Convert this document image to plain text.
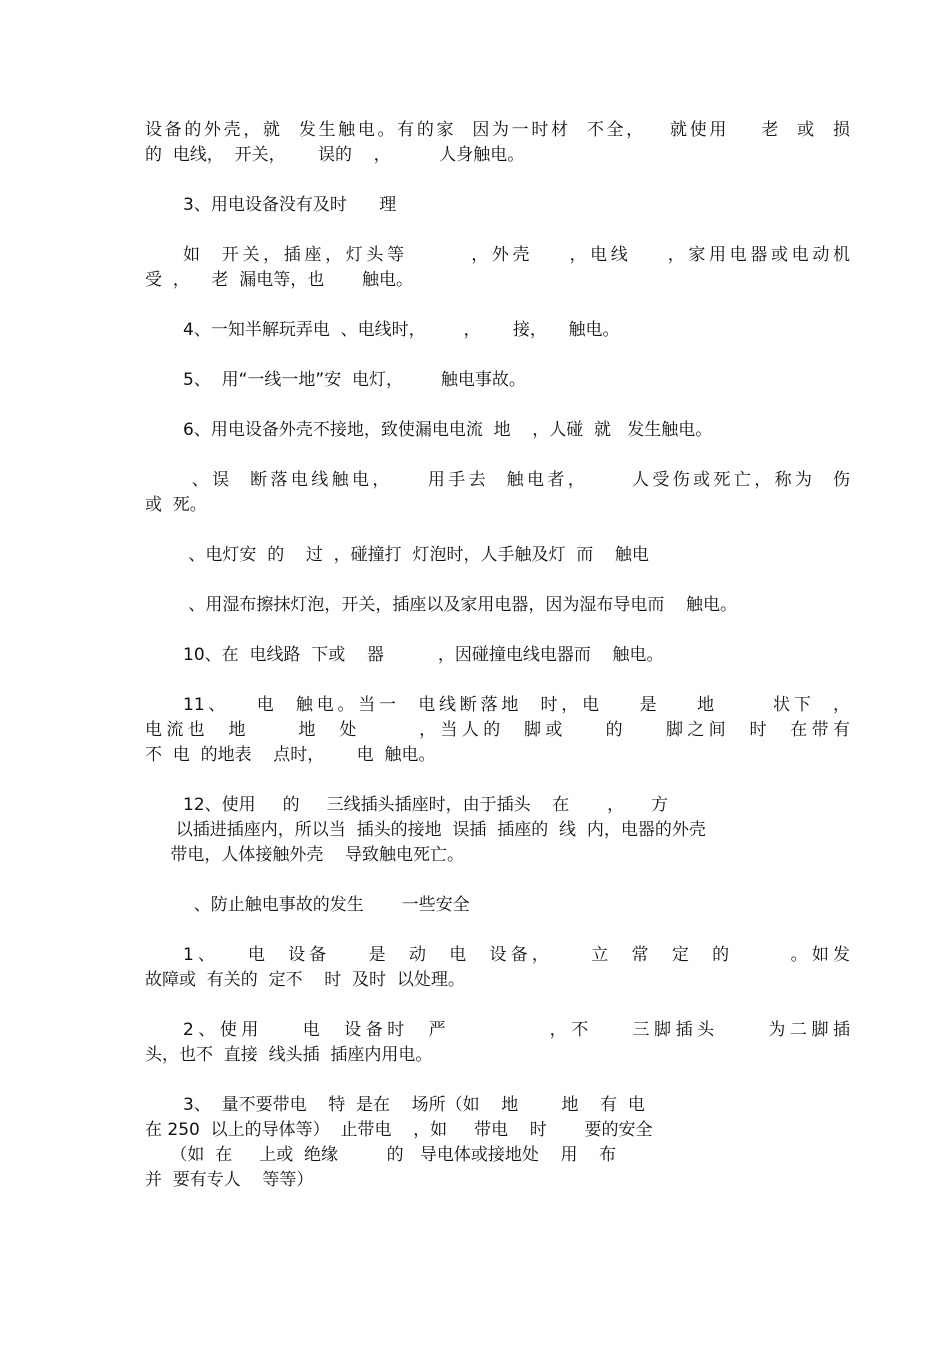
设备的外壳，就  发生触电。有的家  因为一时材  不全，   就使用    老  或  损
的  电线，  开关，      误的    ，         人身触电。
3、用电设备没有及时      理
如  开关，插座，灯头等       ，外壳    ，电线    ，家用电器或电动机
受  ，    老  漏电等，也       触电。
4、一知半解玩弄电  、电线时，       ，      接，    触电。
5、  用“一线一地”安  电灯，       触电事故。
6、用电设备外壳不接地，致使漏电电流  地    ，人碰  就   发生触电。
、误  断落电线触电，    用手去  触电者，     人受伤或死亡，称为  伤
或  死。
、电灯安  的    过  ，碰撞打  灯泡时，人手触及灯  而    触电
、用湿布擦抹灯泡，开关，插座以及家用电器，因为湿布导电而    触电。
10、在  电线路  下或    器          ，因碰撞电线电器而    触电。
11、   电  触电。当一  电线断落地  时，电    是    地      状下  ，
电流也  地     地  处      ，当人的  脚或    的    脚之间  时  在带有
不  电  的地表    点时，      电  触电。
12、使用     的     三线插头插座时，由于插头    在       ，     方
以插进插座内，所以当  插头的接地  误插  插座的  线  内，电器的外壳
带电，人体接触外壳    导致触电死亡。
、防止触电事故的发生       一些安全
1、   电  设备    是  动  电  设备，    立  常  定  的      。如发
故障或  有关的  定不    时  及时  以处理。
2、使用    电  设备时  严          ，不    三脚插头     为二脚插
头，也不  直接  线头插  插座内用电。
3、  量不要带电    特  是在    场所（如    地        地    有  电
在 250  以上的导体等）  止带电    ，如     带电    时       要的安全
（如  在     上或  绝缘         的   导电体或接地处    用    布
并  要有专人    等等）
